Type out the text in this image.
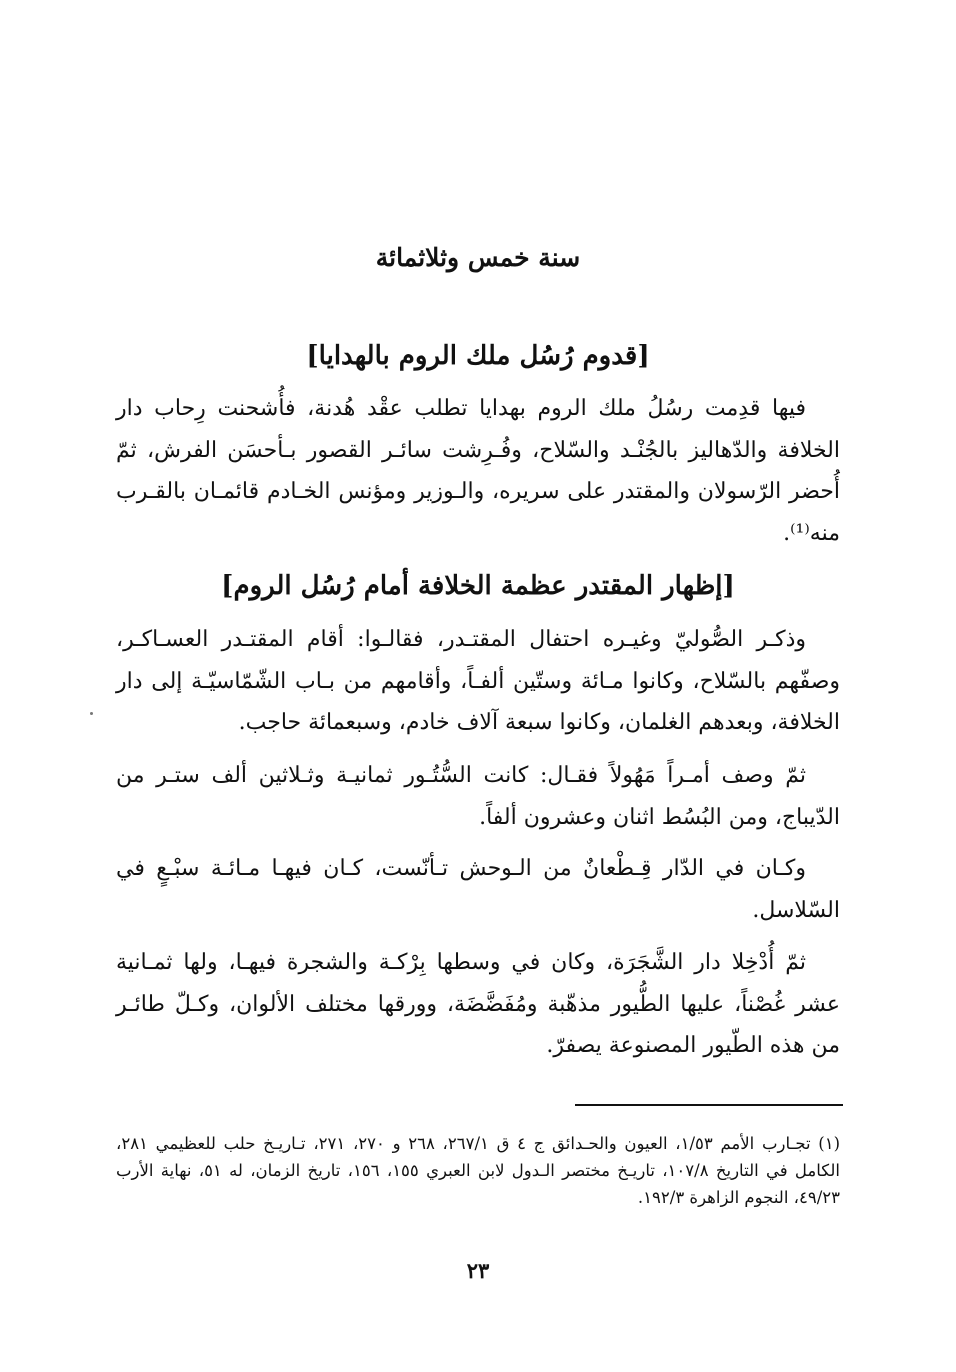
سنة خمس وثلاثمائة
[قدوم رُسُل ملك الروم بالهدايا]

فيها قدِمت رسُلُ ملك الروم بهدايا تطلب عقْد هُدنة، فأُشحنت رِحاب دار الخلافة والدّهاليز بالجُنْـد والسّلاح، وفُـرِشت سائـر القصور بـأحسَن الفرش، ثمّ أُحضر الرّسولان والمقتدر على سريره، والـوزير ومؤنس الخـادم قائمـان بالقـرب منه⁽¹⁾.

[إظهار المقتدر عظمة الخلافة أمام رُسُل الروم]

وذكـر الصُّوليّ وغيـره احتفال المقتـدر، فقالـوا: أقام المقتـدر العسـاكـر، وصفّهم بالسّلاح، وكانوا مـائة وستّين ألفـاً، وأقامهم من بـاب الشّمّاسيّـة إلى دار الخلافة، وبعدهم الغلمان، وكانوا سبعة آلاف خادم، وسبعمائة حاجب.

ثمّ وصف أمـراً مَهُولاً فقـال: كانت السُّتُـور ثمانيـة وثـلاثين ألف ستـر من الدّيباج، ومن البُسُط اثنان وعشرون ألفاً.

وكـان في الدّار قِـطْعانٌ من الـوحش تـأنّست، كـان فيهـا مـائـة سبْـعٍ في السّلاسل.

ثمّ أُدْخِلا دار الشَّجَرَة، وكان في وسطها بِرْكـة والشجرة فيهـا، ولها ثمـانية عشر غُصْناً، عليها الطُّيور مذهّبة ومُفَضَّضَة، وورقها مختلف الألوان، وكـلّ طائـر من هذه الطّيور المصنوعة يصفرّ.

(١) تجـارب الأمم ١/٥٣، العيون والحـدائق ج ٤ ق ٢٦٧/١، ٢٦٨ و ٢٧٠، ٢٧١، تـاريـخ حلب للعظيمي ٢٨١، الكامل في التاريخ ١٠٧/٨، تاريـخ مختصر الـدول لابن العبري ١٥٥، ١٥٦، تاريخ الزمان، له ٥١، نهاية الأرب ٤٩/٢٣، النجوم الزاهرة ١٩٢/٣.

٢٣
